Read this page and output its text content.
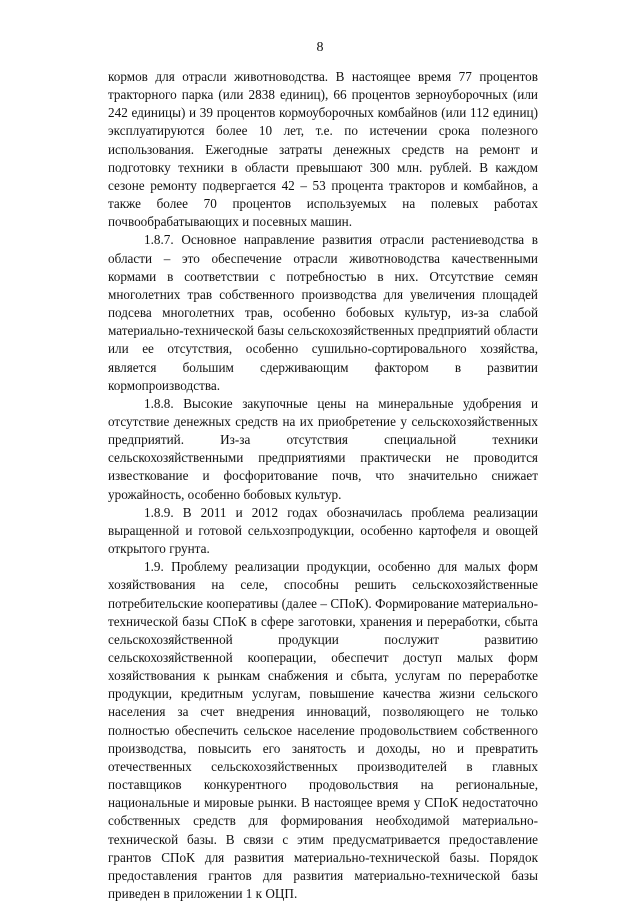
8

кормов для отрасли животноводства. В настоящее время 77 процентов тракторного парка (или 2838 единиц), 66 процентов зерноуборочных (или 242 единицы) и 39 процентов кормоуборочных комбайнов (или 112 единиц) эксплуатируются более 10 лет, т.е. по истечении срока полезного использования. Ежегодные затраты денежных средств на ремонт и подготовку техники в области превышают 300 млн. рублей. В каждом сезоне ремонту подвергается 42 – 53 процента тракторов и комбайнов, а также более 70 процентов используемых на полевых работах почвообрабатывающих и посевных машин.

1.8.7. Основное направление развития отрасли растениеводства в области – это обеспечение отрасли животноводства качественными кормами в соответствии с потребностью в них. Отсутствие семян многолетних трав собственного производства для увеличения площадей подсева многолетних трав, особенно бобовых культур, из-за слабой материально-технической базы сельскохозяйственных предприятий области или ее отсутствия, особенно сушильно-сортировального хозяйства, является большим сдерживающим фактором в развитии кормопроизводства.

1.8.8. Высокие закупочные цены на минеральные удобрения и отсутствие денежных средств на их приобретение у сельскохозяйственных предприятий. Из-за отсутствия специальной техники сельскохозяйственными предприятиями практически не проводится известкование и фосфоритование почв, что значительно снижает урожайность, особенно бобовых культур.

1.8.9. В 2011 и 2012 годах обозначилась проблема реализации выращенной и готовой сельхозпродукции, особенно картофеля и овощей открытого грунта.

1.9. Проблему реализации продукции, особенно для малых форм хозяйствования на селе, способны решить сельскохозяйственные потребительские кооперативы (далее – СПоК). Формирование материально-технической базы СПоК в сфере заготовки, хранения и переработки, сбыта сельскохозяйственной продукции послужит развитию сельскохозяйственной кооперации, обеспечит доступ малых форм хозяйствования к рынкам снабжения и сбыта, услугам по переработке продукции, кредитным услугам, повышение качества жизни сельского населения за счет внедрения инноваций, позволяющего не только полностью обеспечить сельское население продовольствием собственного производства, повысить его занятость и доходы, но и превратить отечественных сельскохозяйственных производителей в главных поставщиков конкурентного продовольствия на региональные, национальные и мировые рынки. В настоящее время у СПоК недостаточно собственных средств для формирования необходимой материально-технической базы. В связи с этим предусматривается предоставление грантов СПоК для развития материально-технической базы. Порядок предоставления грантов для развития материально-технической базы приведен в приложении 1 к ОЦП.
